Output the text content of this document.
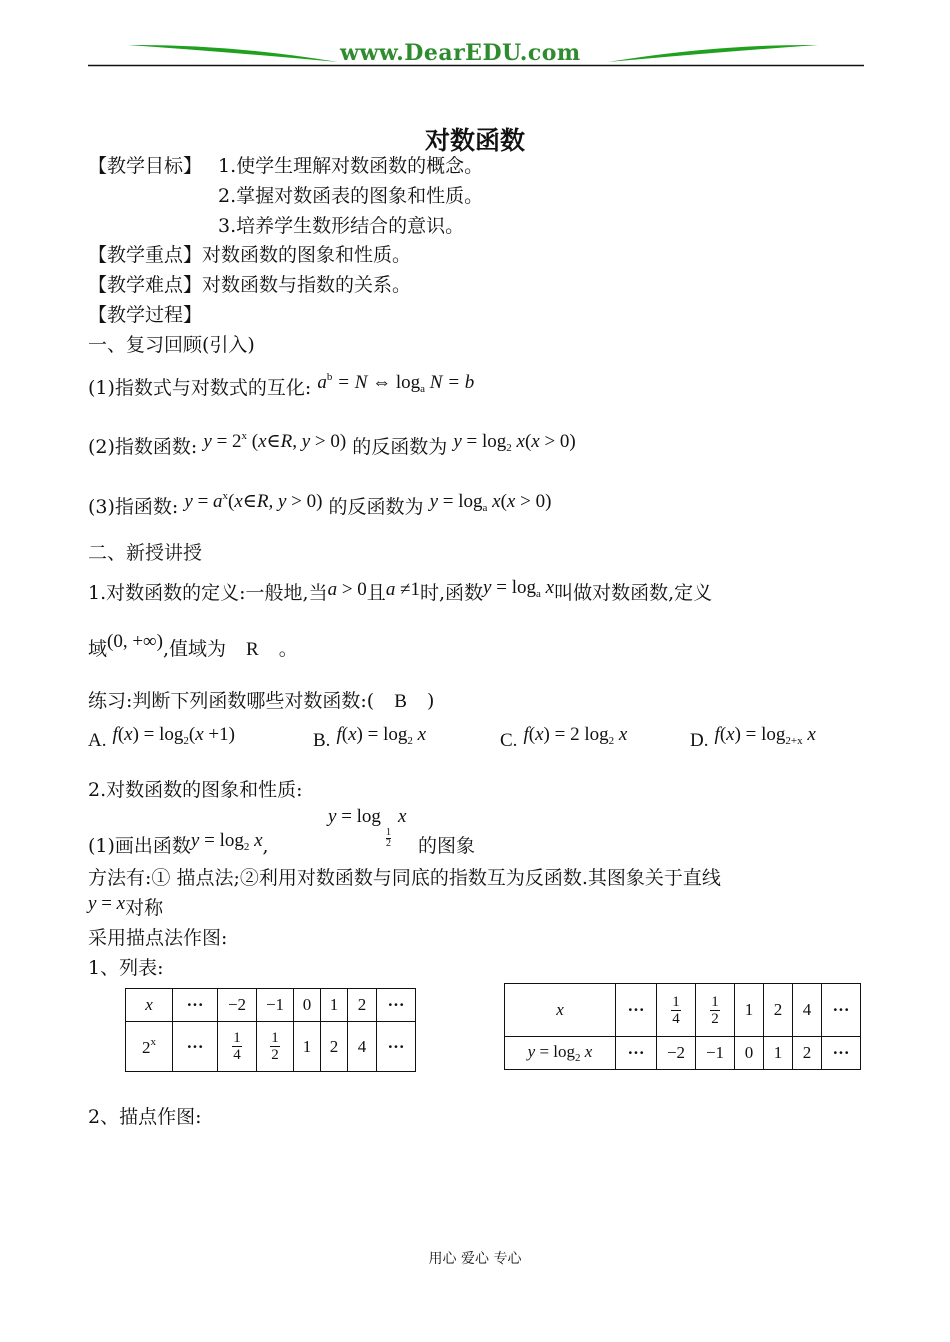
www.DearEDU.com
对数函数
【教学目标】 1.使学生理解对数函数的概念。
2.掌握对数函表的图象和性质。
3.培养学生数形结合的意识。
【教学重点】对数函数的图象和性质。
【教学难点】对数函数与指数的关系。
【教学过程】
一、复习回顾(引入)
(1)指数式与对数式的互化: $a^b = N$ ⇔ $\log_a N = b$
(2)指数函数: $y = 2^x$ (x∈R, y > 0) 的反函数为 $y = \log_2 x(x > 0)$
(3)指函数: $y = a^x(x\in R$, y > 0) 的反函数为 $y = \log_a x(x > 0)$
二、新授讲授
1.对数函数的定义:一般地,当a > 0且a ≠1时,函数$y = \log_a x$叫做对数函数,定义
域(0, +∞),值域为 R 。
练习:判断下列函数哪些对数函数:( B )
A. $f(x) = \log_2(x +1)$	B. $f(x) = \log_2 x$	C. f(x) = 2 $\log_2 x$	D. $f(x) = \log_{2+x} x$
2.对数函数的图象和性质:
(1)画出函数$y = \log_2 x$,
y = log
1
2
x
的图象
方法有:① 描点法;②利用对数函数与同底的指数互为反函数.其图象关于直线
y = x对称
采用描点法作图:
1、列表:
x	···	−2	−1	0	1	2	···
$2^x$	···	$\frac{1}{4}$	$\frac{1}{2}$	1	2	4	···
x	···	$\frac{1}{4}$	$\frac{1}{2}$	1	2	4	···
$y = \log_2 x$	···	−2	−1	0	1	2	···
2、描点作图:
用心 爱心 专心
